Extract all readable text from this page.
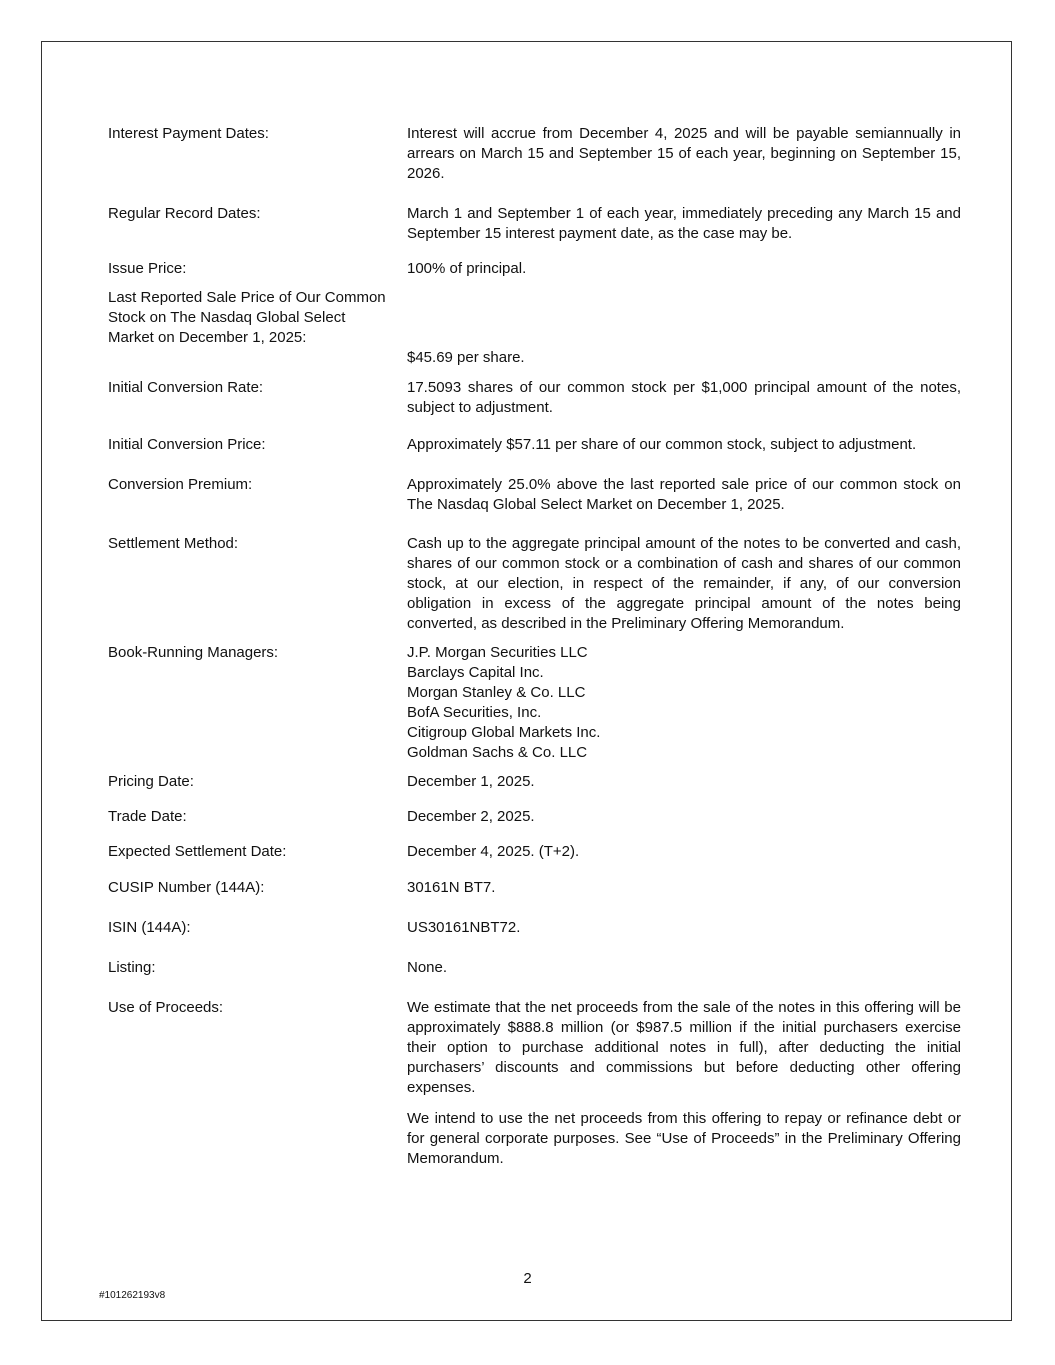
Interest Payment Dates:	Interest will accrue from December 4, 2025 and will be payable semiannually in arrears on March 15 and September 15 of each year, beginning on September 15, 2026.
Regular Record Dates:	March 1 and September 1 of each year, immediately preceding any March 15 and September 15 interest payment date, as the case may be.
Issue Price:	100% of principal.
Last Reported Sale Price of Our Common Stock on The Nasdaq Global Select Market on December 1, 2025:
$45.69 per share.
Initial Conversion Rate:	17.5093 shares of our common stock per $1,000 principal amount of the notes, subject to adjustment.
Initial Conversion Price:	Approximately $57.11 per share of our common stock, subject to adjustment.
Conversion Premium:	Approximately 25.0% above the last reported sale price of our common stock on The Nasdaq Global Select Market on December 1, 2025.
Settlement Method:	Cash up to the aggregate principal amount of the notes to be converted and cash, shares of our common stock or a combination of cash and shares of our common stock, at our election, in respect of the remainder, if any, of our conversion obligation in excess of the aggregate principal amount of the notes being converted, as described in the Preliminary Offering Memorandum.
Book-Running Managers:	J.P. Morgan Securities LLC
Barclays Capital Inc.
Morgan Stanley & Co. LLC
BofA Securities, Inc.
Citigroup Global Markets Inc.
Goldman Sachs & Co. LLC
Pricing Date:	December 1, 2025.
Trade Date:	December 2, 2025.
Expected Settlement Date:	December 4, 2025. (T+2).
CUSIP Number (144A):	30161N BT7.
ISIN (144A):	US30161NBT72.
Listing:	None.
Use of Proceeds:	We estimate that the net proceeds from the sale of the notes in this offering will be approximately $888.8 million (or $987.5 million if the initial purchasers exercise their option to purchase additional notes in full), after deducting the initial purchasers’ discounts and commissions but before deducting other offering expenses.
We intend to use the net proceeds from this offering to repay or refinance debt or for general corporate purposes. See “Use of Proceeds” in the Preliminary Offering Memorandum.
2
#101262193v8
